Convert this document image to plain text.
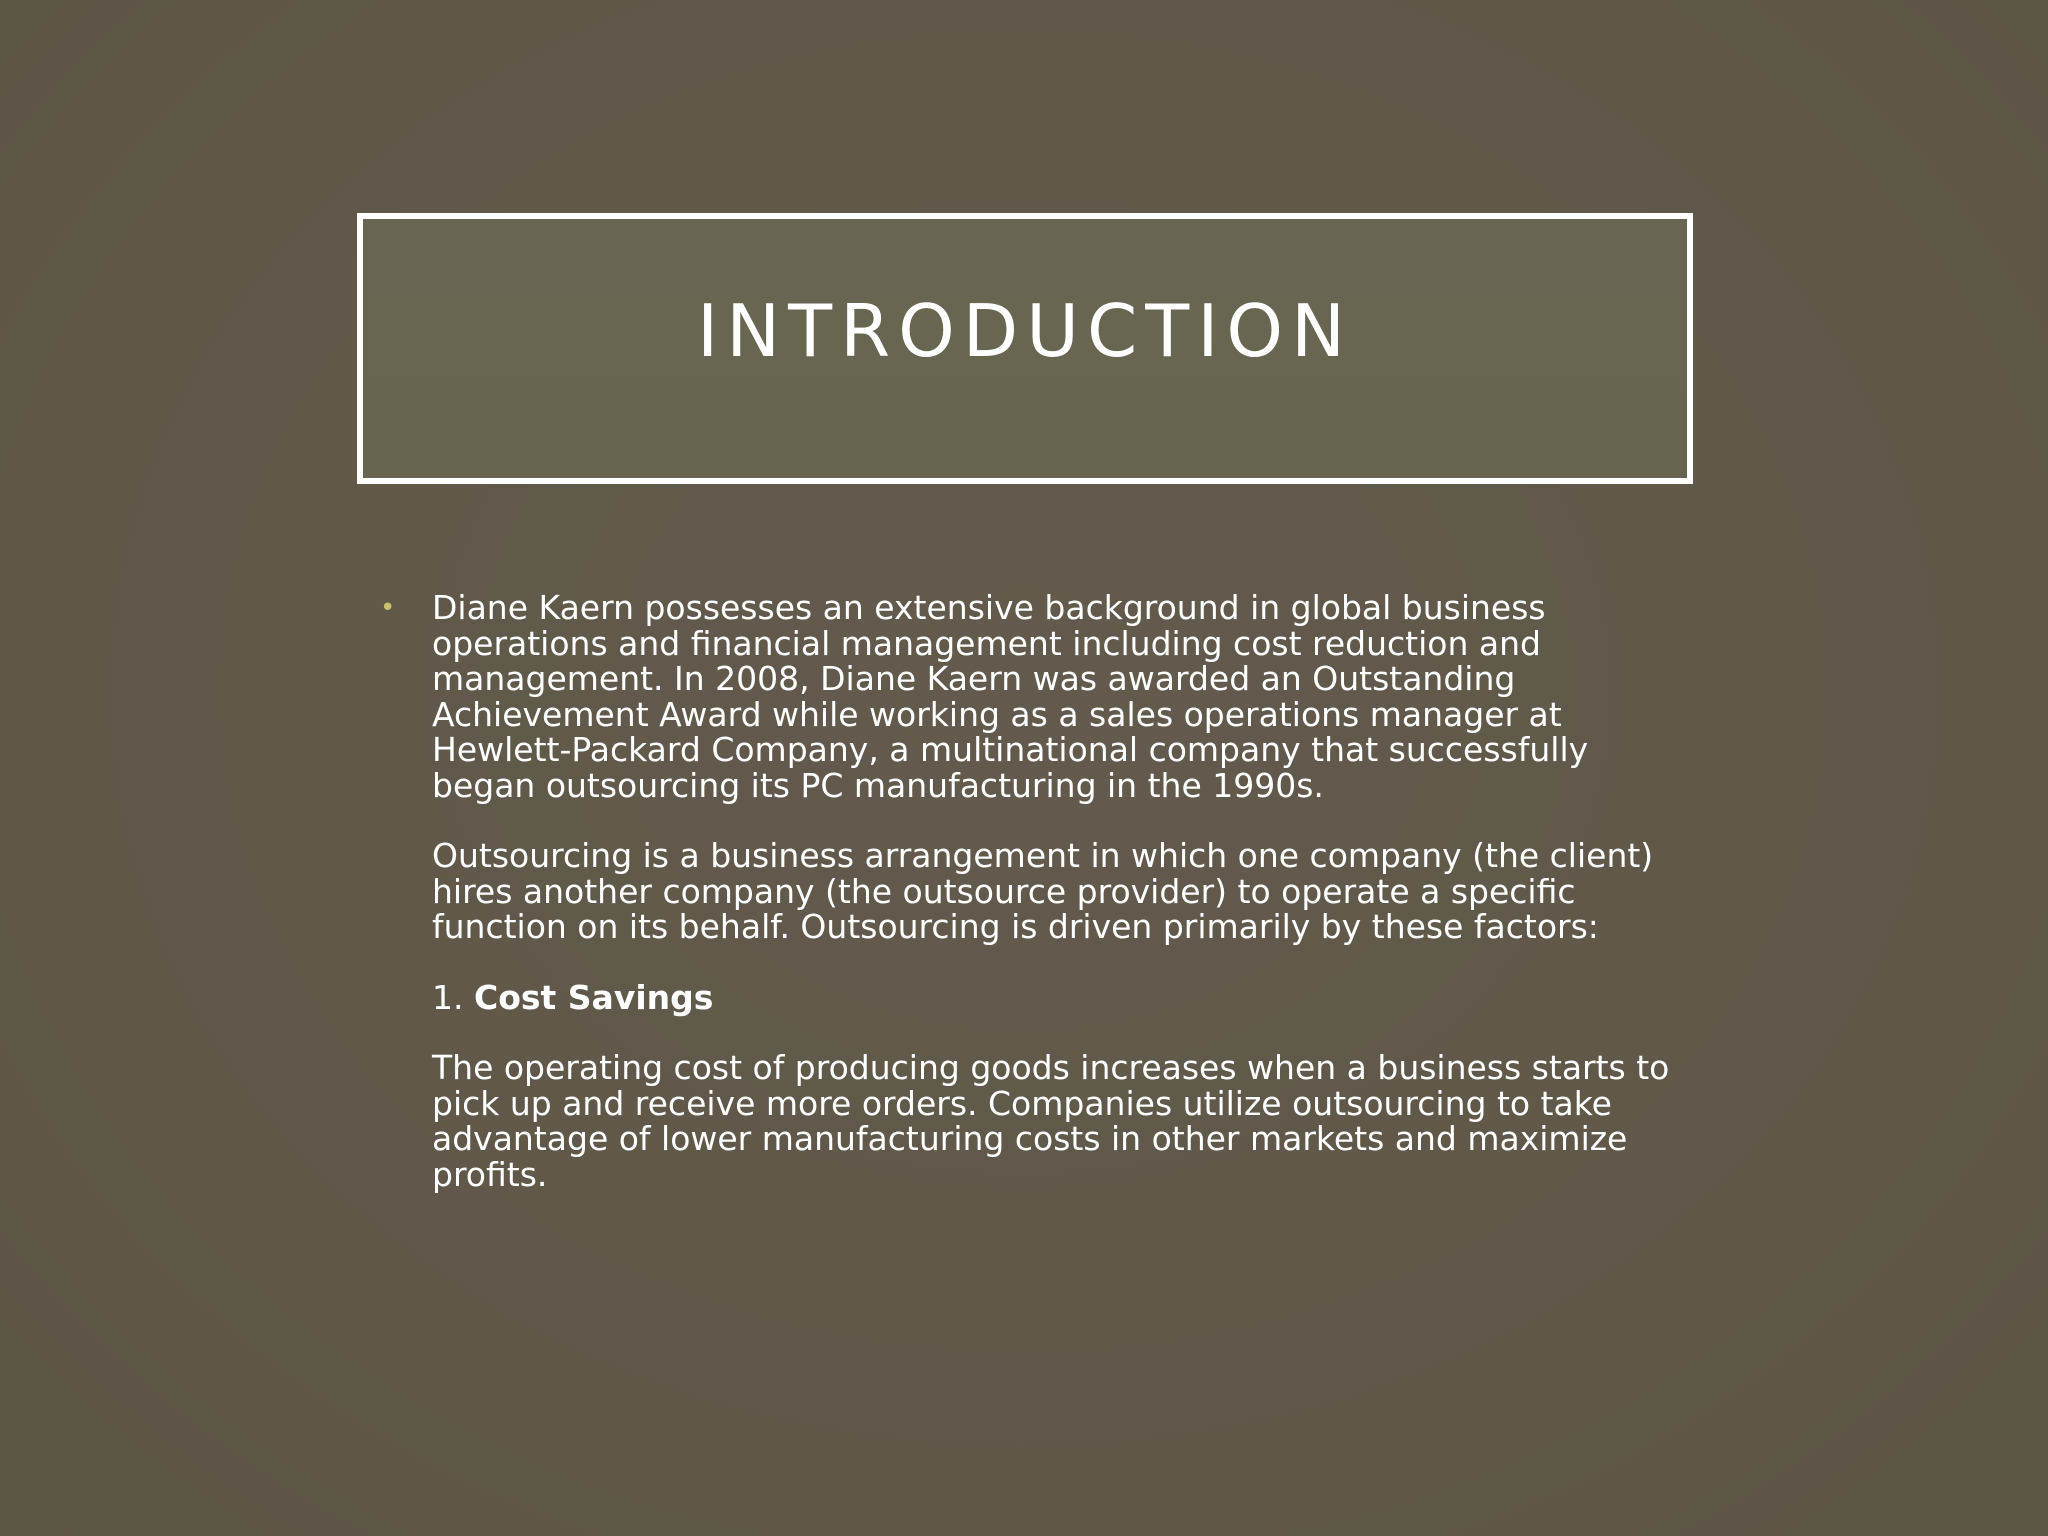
INTRODUCTION
• Diane Kaern possesses an extensive background in global business
operations and financial management including cost reduction and
management. In 2008, Diane Kaern was awarded an Outstanding
Achievement Award while working as a sales operations manager at
Hewlett-Packard Company, a multinational company that successfully
began outsourcing its PC manufacturing in the 1990s.

Outsourcing is a business arrangement in which one company (the client)
hires another company (the outsource provider) to operate a specific
function on its behalf. Outsourcing is driven primarily by these factors:

1. Cost Savings

The operating cost of producing goods increases when a business starts to
pick up and receive more orders. Companies utilize outsourcing to take
advantage of lower manufacturing costs in other markets and maximize
profits.
